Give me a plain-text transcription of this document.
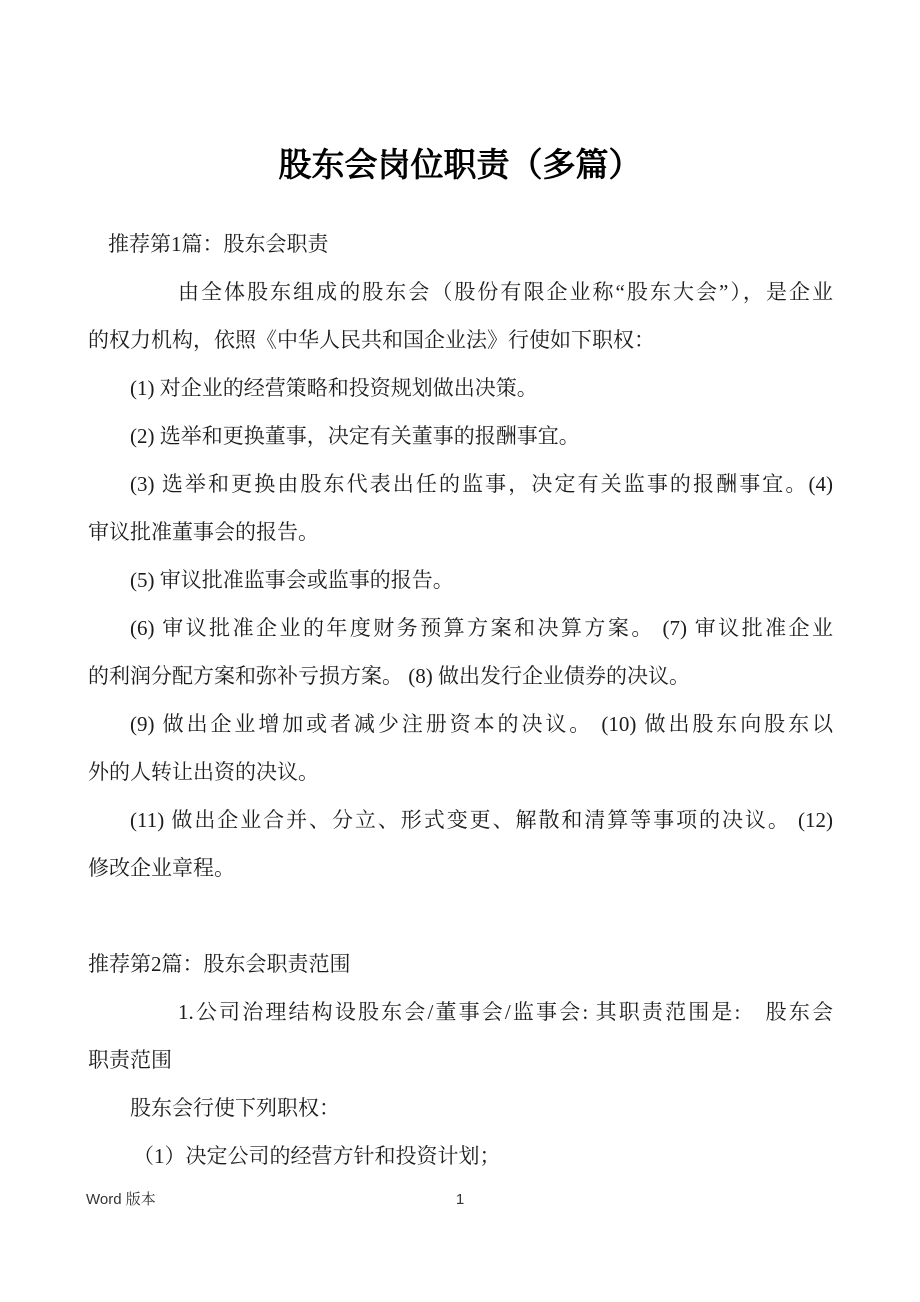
股东会岗位职责（多篇）
推荐第1篇：股东会职责
由全体股东组成的股东会（股份有限企业称“股东大会”），是企业
的权力机构，依照《中华人民共和国企业法》行使如下职权：
(1) 对企业的经营策略和投资规划做出决策。
(2) 选举和更换董事，决定有关董事的报酬事宜。
(3) 选举和更换由股东代表出任的监事，决定有关监事的报酬事宜。(4)
审议批准董事会的报告。
(5) 审议批准监事会或监事的报告。
(6) 审议批准企业的年度财务预算方案和决算方案。 (7) 审议批准企业
的利润分配方案和弥补亏损方案。 (8) 做出发行企业债券的决议。
(9) 做出企业增加或者减少注册资本的决议。 (10) 做出股东向股东以
外的人转让出资的决议。
(11) 做出企业合并、分立、形式变更、解散和清算等事项的决议。 (12)
修改企业章程。
推荐第2篇：股东会职责范围
1.公司治理结构设股东会/董事会/监事会: 其职责范围是:　股东会
职责范围
股东会行使下列职权：
（1）决定公司的经营方针和投资计划；
Word 版本	1
